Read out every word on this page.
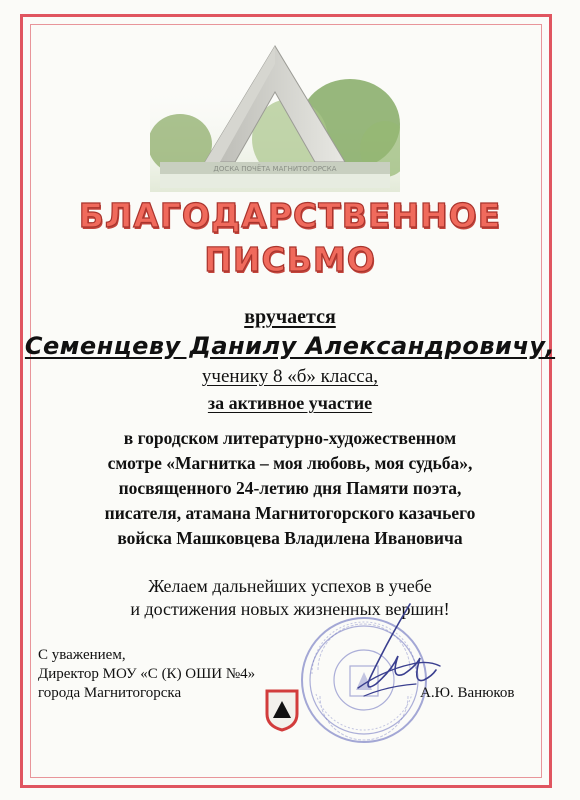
ДОСКА ПОЧЁТА МАГНИТОГОРСКА
БЛАГОДАРСТВЕННОЕ
ПИСЬМО
вручается
Семенцеву Данилу Александровичу,
ученику 8 «б» класса,
за активное участие
в городском литературно-художественном
смотре «Магнитка – моя любовь, моя судьба»,
посвященного 24-летию дня Памяти поэта,
писателя, атамана Магнитогорского казачьего
войска Машковцева Владилена Ивановича
Желаем дальнейших успехов в учебе
и достижения новых жизненных вершин!
С уважением,
Директор МОУ «С (К) ОШИ №4»
города Магнитогорска	А.Ю. Ванюков
